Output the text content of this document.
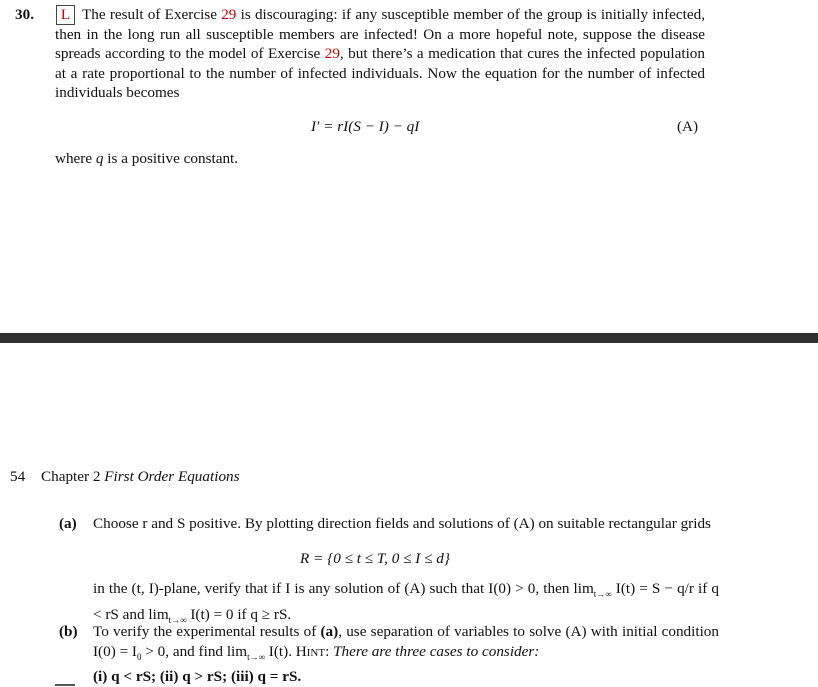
30.	L The result of Exercise 29 is discouraging: if any susceptible member of the group is initially infected, then in the long run all susceptible members are infected! On a more hopeful note, suppose the disease spreads according to the model of Exercise 29, but there’s a medication that cures the infected population at a rate proportional to the number of infected individuals. Now the equation for the number of infected individuals becomes
I′ = rI(S − I) − qI	(A)
where q is a positive constant.
54 Chapter 2 First Order Equations
(a) Choose r and S positive. By plotting direction fields and solutions of (A) on suitable rectangular grids
R = {0 ≤ t ≤ T, 0 ≤ I ≤ d}
in the (t, I)-plane, verify that if I is any solution of (A) such that I(0) > 0, then $\lim_{t\to\infty} I(t) = S - q/r$ if q < rS and $\lim_{t\to\infty} I(t) = 0$ if q ≥ rS.
(b) To verify the experimental results of (a), use separation of variables to solve (A) with initial condition $I(0) = I_0 > 0$, and find $\lim_{t\to\infty} I(t)$. Hint: There are three cases to consider:
(i) q < rS; (ii) q > rS; (iii) q = rS.
